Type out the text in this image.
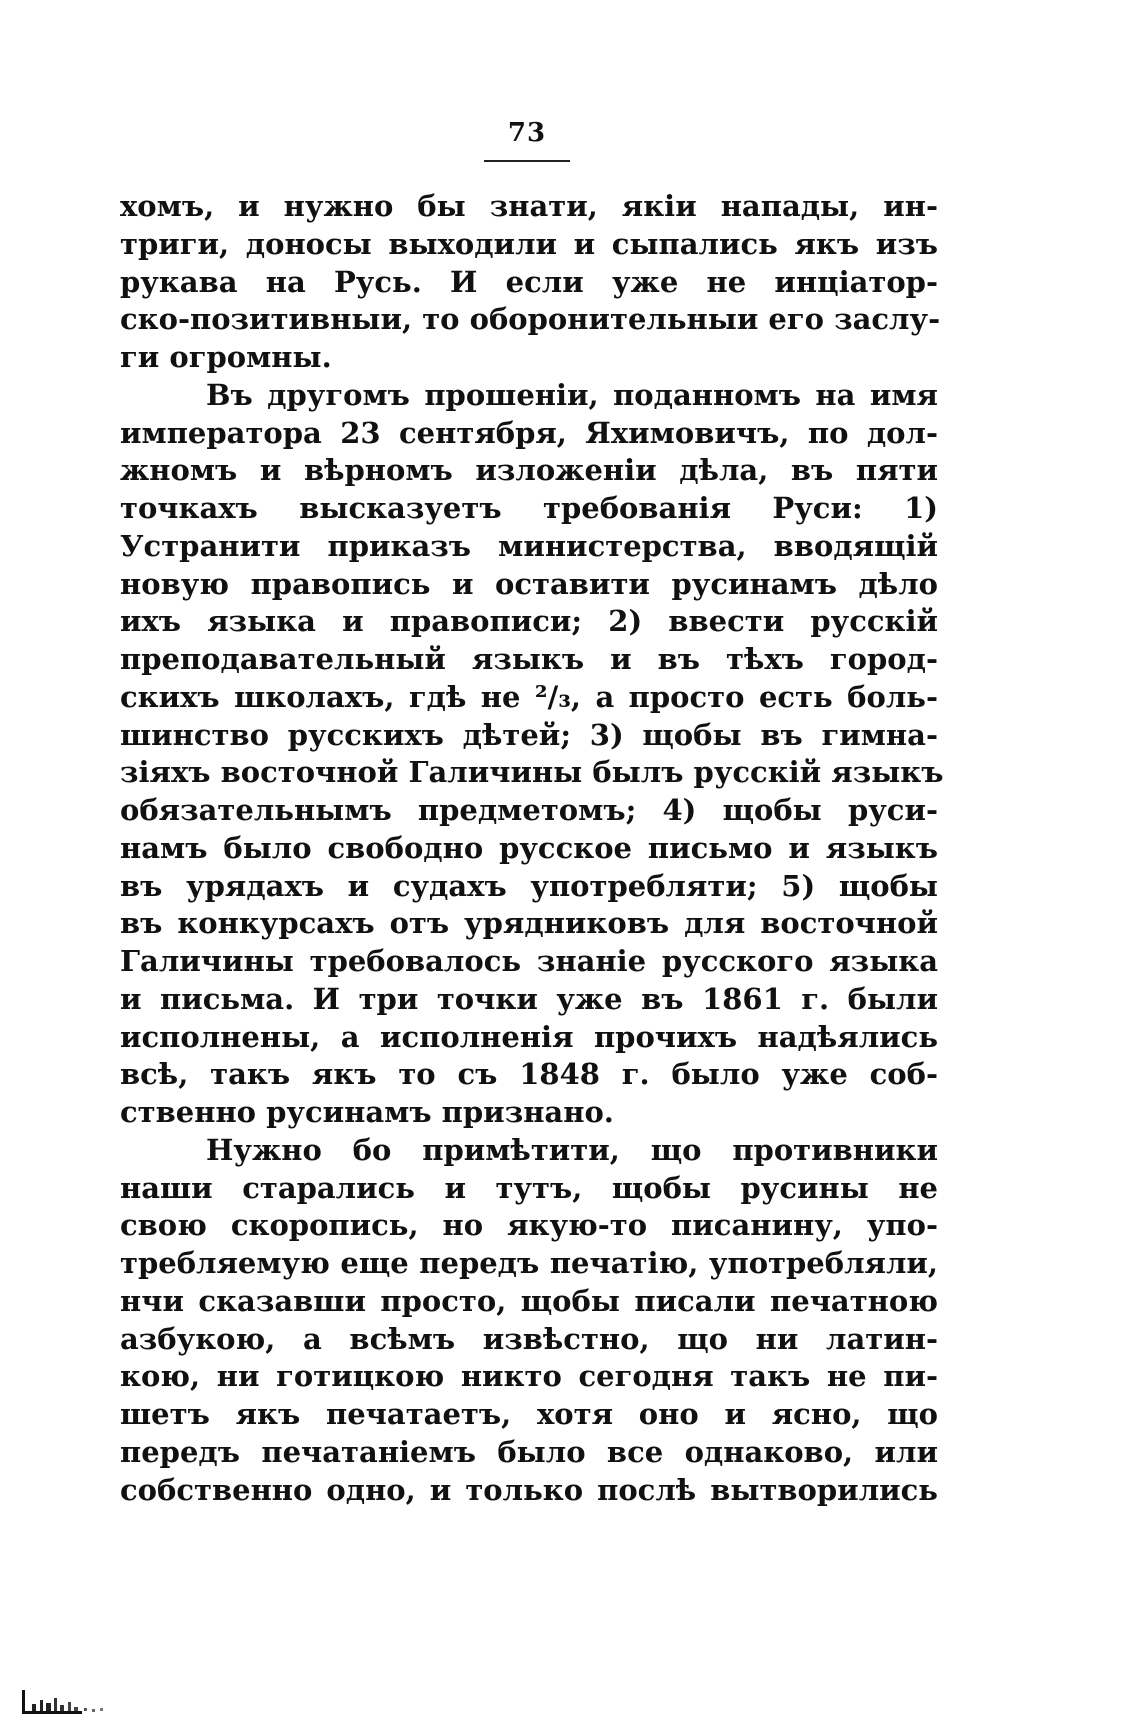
73
хомъ, и нужно бы знати, якіи напады, ин-
триги, доносы выходили и сыпались якъ изъ
рукава на Русь. И если уже не инціатор-
ско-позитивныи, то оборонительныи его заслу-
ги огромны.
Въ другомъ прошеніи, поданномъ на имя
императора 23 сентября, Яхимовичъ, по дол-
жномъ и вѣрномъ изложеніи дѣла, въ пяти
точкахъ высказуетъ требованія Руси: 1)
Устранити приказъ министерства, вводящій
новую правопись и оставити русинамъ дѣло
ихъ языка и правописи; 2) ввести русскій
преподавательный языкъ и въ тѣхъ город-
скихъ школахъ, гдѣ не ²/₃, а просто есть боль-
шинство русскихъ дѣтей; 3) щобы въ гимна-
зіяхъ восточной Галичины былъ русскій языкъ
обязательнымъ предметомъ; 4) щобы руси-
намъ было свободно русское письмо и языкъ
въ урядахъ и судахъ употребляти; 5) щобы
въ конкурсахъ отъ урядниковъ для восточной
Галичины требовалось знаніе русского языка
и письма. И три точки уже въ 1861 г. были
исполнены, а исполненія прочихъ надѣялись
всѣ, такъ якъ то съ 1848 г. было уже соб-
ственно русинамъ признано.
Нужно бо примѣтити, що противники
наши старались и тутъ, щобы русины не
свою скоропись, но якую-то писанину, упо-
требляемую еще передъ печатію, употребляли,
нчи сказавши просто, щобы писали печатною
азбукою, а всѣмъ извѣстно, що ни латин-
кою, ни готицкою никто сегодня такъ не пи-
шетъ якъ печатаетъ, хотя оно и ясно, що
передъ печатаніемъ было все однаково, или
собственно одно, и только послѣ вытворились
